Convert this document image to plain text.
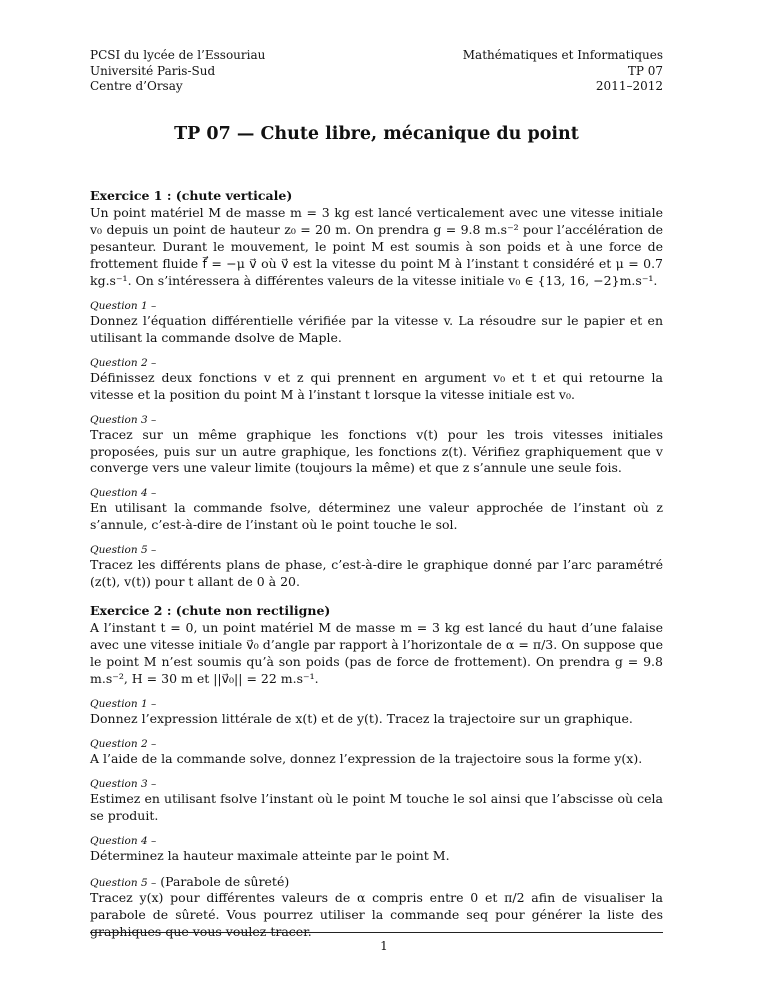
PCSI du lycée de l’Essouriau
Université Paris-Sud
Centre d’Orsay
Mathématiques et Informatiques
TP 07
2011–2012
TP 07 — Chute libre, mécanique du point
Exercice 1 : (chute verticale)
Un point matériel M de masse m = 3 kg est lancé verticalement avec une vitesse initiale v₀ depuis un point de hauteur z₀ = 20 m. On prendra g = 9.8 m.s⁻² pour l’accélération de pesanteur. Durant le mouvement, le point M est soumis à son poids et à une force de frottement fluide f⃗ = −μ v⃗ où v⃗ est la vitesse du point M à l’instant t considéré et μ = 0.7 kg.s⁻¹. On s’intéressera à différentes valeurs de la vitesse initiale v₀ ∈ {13, 16, −2}m.s⁻¹.
Question 1 –
Donnez l’équation différentielle vérifiée par la vitesse v. La résoudre sur le papier et en utilisant la commande dsolve de Maple.
Question 2 –
Définissez deux fonctions v et z qui prennent en argument v₀ et t et qui retourne la vitesse et la position du point M à l’instant t lorsque la vitesse initiale est v₀.
Question 3 –
Tracez sur un même graphique les fonctions v(t) pour les trois vitesses initiales proposées, puis sur un autre graphique, les fonctions z(t). Vérifiez graphiquement que v converge vers une valeur limite (toujours la même) et que z s’annule une seule fois.
Question 4 –
En utilisant la commande fsolve, déterminez une valeur approchée de l’instant où z s’annule, c’est-à-dire de l’instant où le point touche le sol.
Question 5 –
Tracez les différents plans de phase, c’est-à-dire le graphique donné par l’arc paramétré (z(t), v(t)) pour t allant de 0 à 20.
Exercice 2 : (chute non rectiligne)
A l’instant t = 0, un point matériel M de masse m = 3 kg est lancé du haut d’une falaise avec une vitesse initiale v⃗₀ d’angle par rapport à l’horizontale de α = π/3. On suppose que le point M n’est soumis qu’à son poids (pas de force de frottement). On prendra g = 9.8 m.s⁻², H = 30 m et ||v⃗₀|| = 22 m.s⁻¹.
Question 1 –
Donnez l’expression littérale de x(t) et de y(t). Tracez la trajectoire sur un graphique.
Question 2 –
A l’aide de la commande solve, donnez l’expression de la trajectoire sous la forme y(x).
Question 3 –
Estimez en utilisant fsolve l’instant où le point M touche le sol ainsi que l’abscisse où cela se produit.
Question 4 –
Déterminez la hauteur maximale atteinte par le point M.
Question 5 – (Parabole de sûreté)
Tracez y(x) pour différentes valeurs de α compris entre 0 et π/2 afin de visualiser la parabole de sûreté. Vous pourrez utiliser la commande seq pour générer la liste des graphiques que vous voulez tracer.
1
